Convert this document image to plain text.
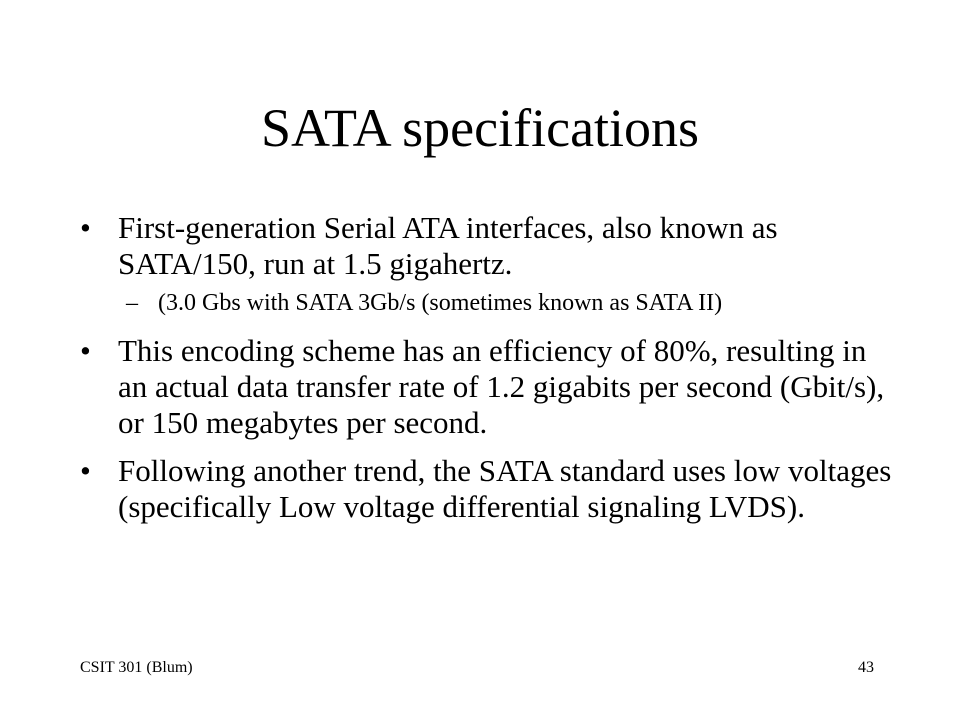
SATA specifications
• First-generation Serial ATA interfaces, also known as SATA/150, run at 1.5 gigahertz.
– (3.0 Gbs with SATA 3Gb/s (sometimes known as SATA II)
• This encoding scheme has an efficiency of 80%, resulting in an actual data transfer rate of 1.2 gigabits per second (Gbit/s), or 150 megabytes per second.
• Following another trend, the SATA standard uses low voltages (specifically Low voltage differential signaling LVDS).
CSIT 301 (Blum)	43
